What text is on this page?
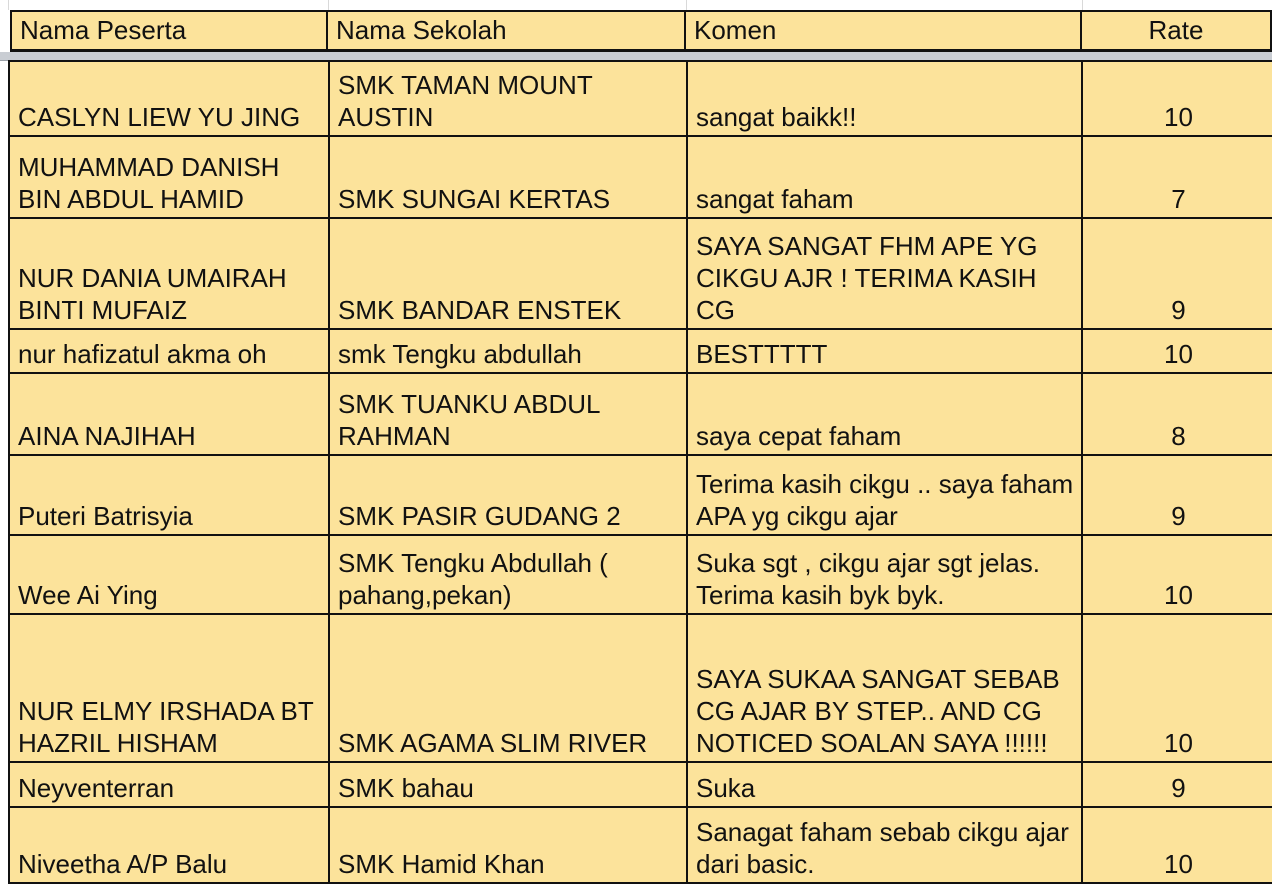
Nama Peserta	Nama Sekolah	Komen	Rate
CASLYN LIEW YU JING	SMK TAMAN MOUNT AUSTIN	sangat baikk!!	10
MUHAMMAD DANISH BIN ABDUL HAMID	SMK SUNGAI KERTAS	sangat faham	7
NUR DANIA UMAIRAH BINTI MUFAIZ	SMK BANDAR ENSTEK	SAYA SANGAT FHM APE YG CIKGU AJR ! TERIMA KASIH CG	9
nur hafizatul akma oh	smk Tengku abdullah	BESTTTTT	10
AINA NAJIHAH	SMK TUANKU ABDUL RAHMAN	saya cepat faham	8
Puteri Batrisyia	SMK PASIR GUDANG 2	Terima kasih cikgu .. saya faham APA yg cikgu ajar	9
Wee Ai Ying	SMK Tengku Abdullah ( pahang,pekan)	Suka sgt , cikgu ajar sgt jelas. Terima kasih byk byk.	10
NUR ELMY IRSHADA BT HAZRIL HISHAM	SMK AGAMA SLIM RIVER	SAYA SUKAA SANGAT SEBAB CG AJAR BY STEP.. AND CG NOTICED SOALAN SAYA !!!!!!	10
Neyventerran	SMK bahau	Suka	9
Niveetha A/P Balu	SMK Hamid Khan	Sanagat faham sebab cikgu ajar dari basic.	10
